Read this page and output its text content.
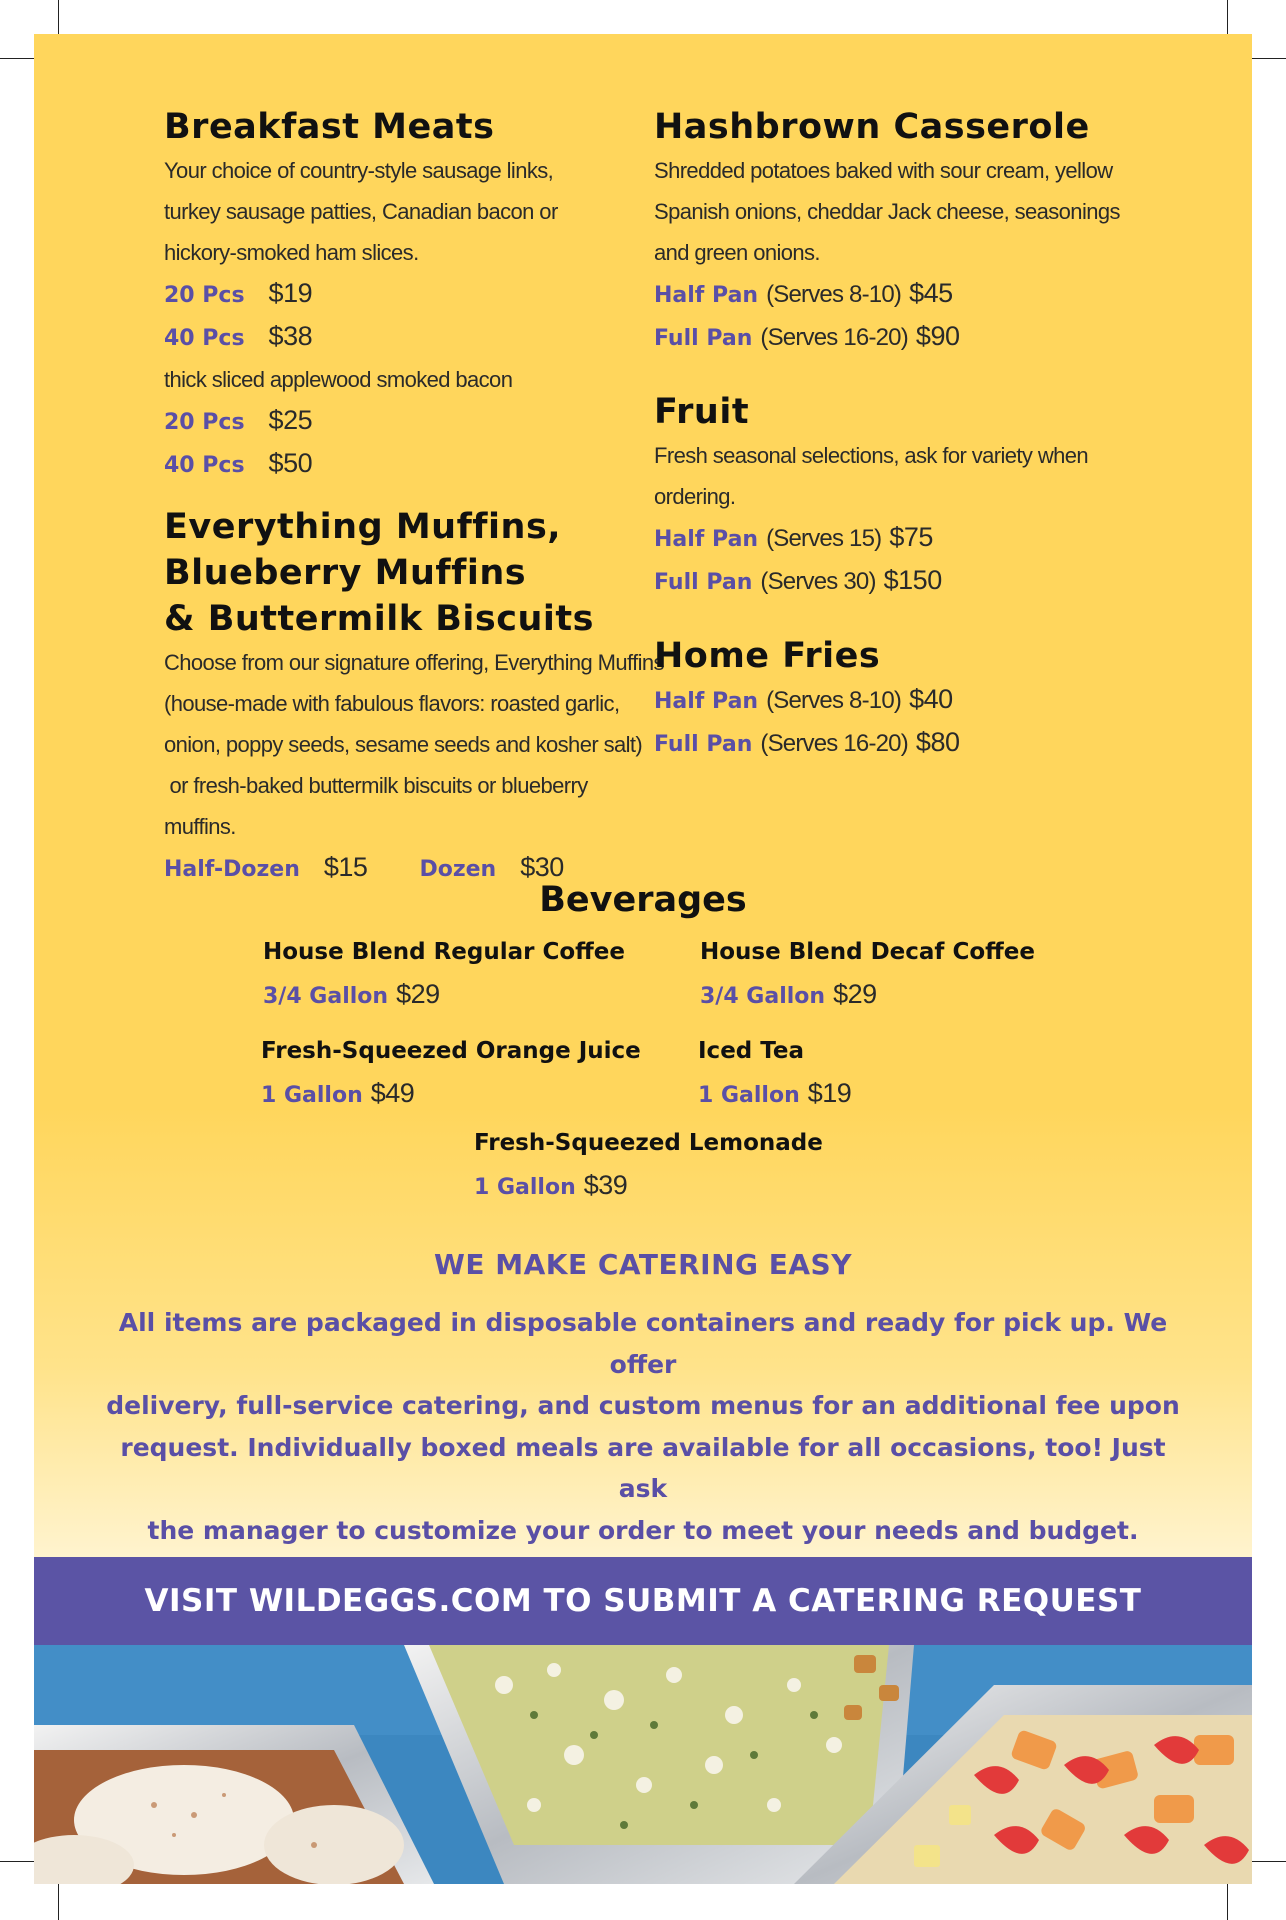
Breakfast Meats

Your choice of country-style sausage links,
turkey sausage patties, Canadian bacon or
hickory-smoked ham slices.

20 Pcs $19
40 Pcs $38

thick sliced applewood smoked bacon

20 Pcs $25
40 Pcs $50
Everything Muffins,
Blueberry Muffins
& Buttermilk Biscuits

Choose from our signature offering, Everything Muffins
(house-made with fabulous flavors: roasted garlic,
onion, poppy seeds, sesame seeds and kosher salt)
or fresh-baked buttermilk biscuits or blueberry muffins.

Half-Dozen $15 Dozen $30
Hashbrown Casserole

Shredded potatoes baked with sour cream, yellow
Spanish onions, cheddar Jack cheese, seasonings
and green onions.

Half Pan (Serves 8-10) $45
Full Pan (Serves 16-20) $90
Fruit

Fresh seasonal selections, ask for variety when ordering.

Half Pan (Serves 15) $75
Full Pan (Serves 30) $150
Home Fries
Half Pan (Serves 8-10) $40
Full Pan (Serves 16-20) $80
Beverages
House Blend Regular Coffee
3/4 Gallon $29
House Blend Decaf Coffee
3/4 Gallon $29
Fresh-Squeezed Orange Juice
1 Gallon $49
Iced Tea
1 Gallon $19
Fresh-Squeezed Lemonade
1 Gallon $39
WE MAKE CATERING EASY

All items are packaged in disposable containers and ready for pick up. We offer

delivery, full-service catering, and custom menus for an additional fee upon

request. Individually boxed meals are available for all occasions, too! Just ask

the manager to customize your order to meet your needs and budget.

VISIT WILDEGGS.COM TO SUBMIT A CATERING REQUEST
